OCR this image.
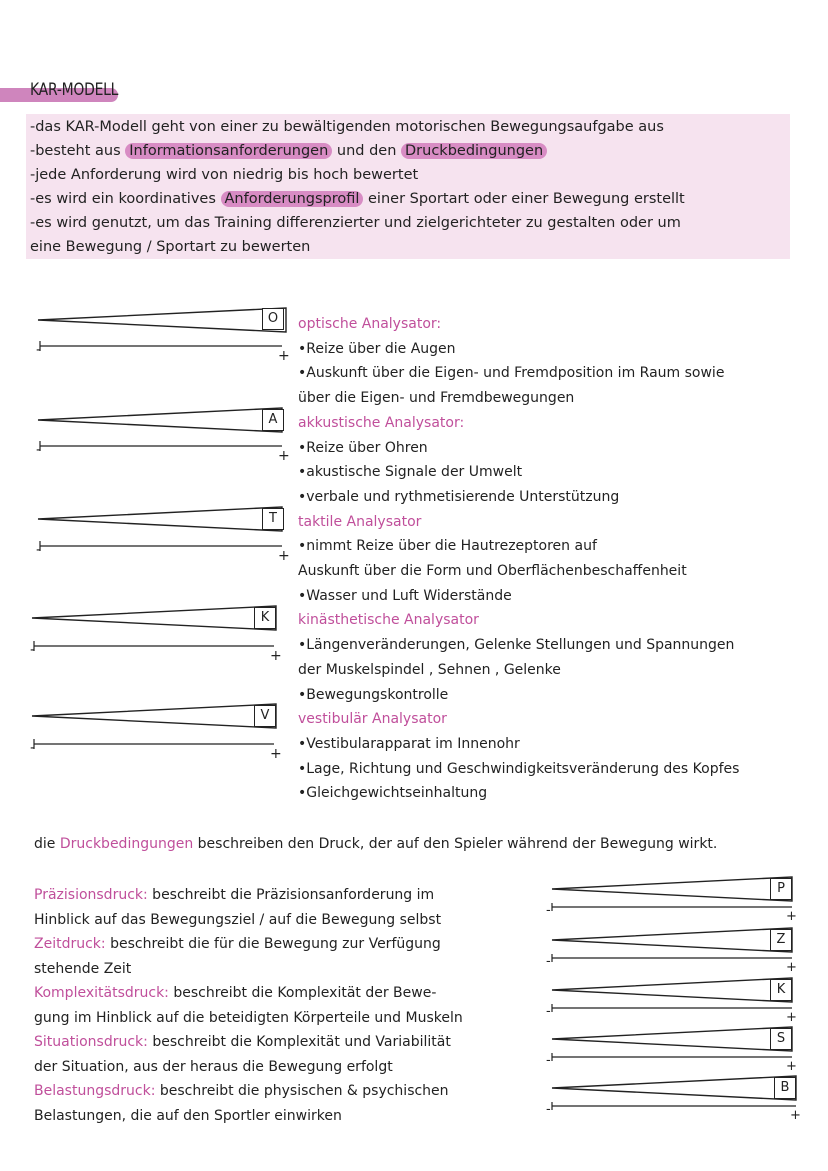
KAR-MODELL
-das KAR-Modell geht von einer zu bewältigenden motorischen Bewegungsaufgabe aus
-besteht aus Informationsanforderungen und den Druckbedingungen
-jede Anforderung wird von niedrig bis hoch bewertet
-es wird ein koordinatives Anforderungsprofil einer Sportart oder einer Bewegung erstellt
-es wird genutzt, um das Training differenzierter und zielgerichteter zu gestalten oder um
eine Bewegung / Sportart zu bewerten
O
-	+
A
-	+
T
-	+
K
-	+
V
-	+
optische Analysator:
•Reize über die Augen
•Auskunft über die Eigen- und Fremdposition im Raum sowie
über die Eigen- und Fremdbewegungen
akkustische Analysator:
•Reize über Ohren
•akustische Signale der Umwelt
•verbale und rythmetisierende Unterstützung
taktile Analysator
•nimmt Reize über die Hautrezeptoren auf
Auskunft über die Form und Oberflächenbeschaffenheit
•Wasser und Luft Widerstände
kinästhetische Analysator
•Längenveränderungen, Gelenke Stellungen und Spannungen
der Muskelspindel , Sehnen , Gelenke
•Bewegungskontrolle
vestibulär Analysator
•Vestibularapparat im Innenohr
•Lage, Richtung und Geschwindigkeitsveränderung des Kopfes
•Gleichgewichtseinhaltung
die Druckbedingungen beschreiben den Druck, der auf den Spieler während der Bewegung wirkt.
Präzisionsdruck: beschreibt die Präzisionsanforderung im
Hinblick auf das Bewegungsziel / auf die Bewegung selbst
Zeitdruck: beschreibt die für die Bewegung zur Verfügung
stehende Zeit
Komplexitätsdruck: beschreibt die Komplexität der Bewe-
gung im Hinblick auf die beteidigten Körperteile und Muskeln
Situationsdruck: beschreibt die Komplexität und Variabilität
der Situation, aus der heraus die Bewegung erfolgt
Belastungsdruck: beschreibt die physischen & psychischen
Belastungen, die auf den Sportler einwirken
P
-	+
Z
-	+
K
-	+
S
-	+
B
-	+
